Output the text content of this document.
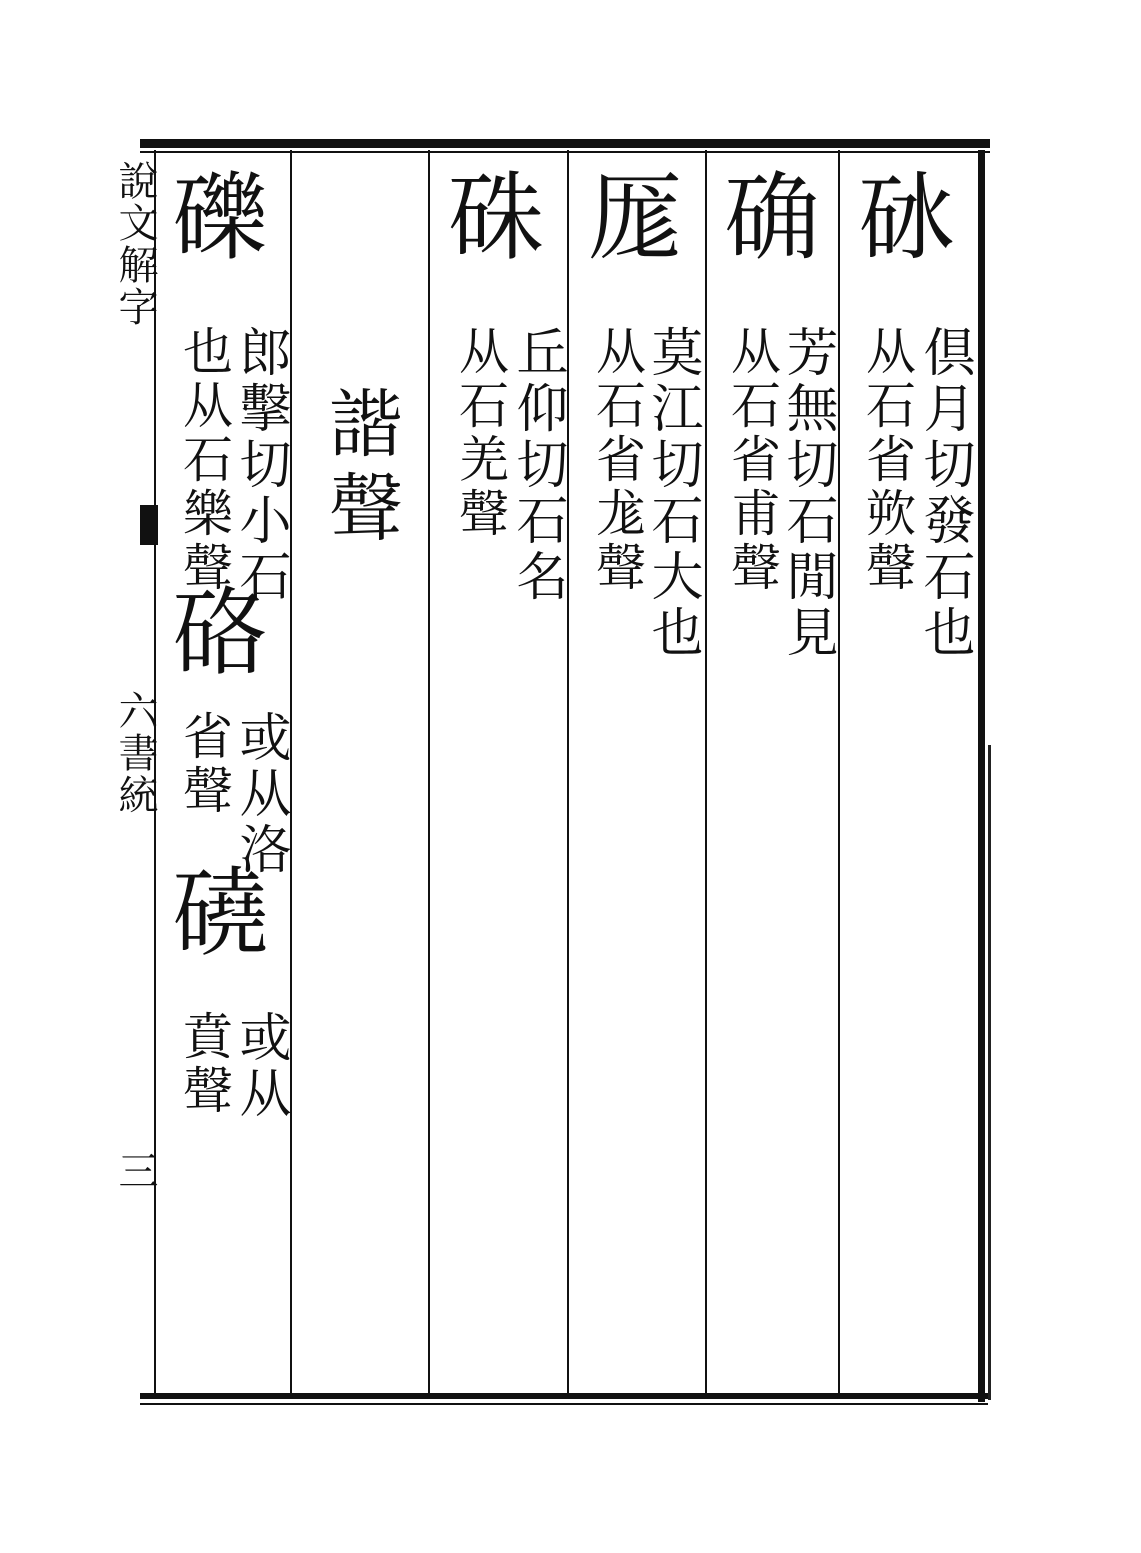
說文解字
六書統
三
砅
倶月切發石也
从石省欮聲
确
芳無切石閒見
从石省甫聲
厖
莫江切石大也
从石省尨聲
硃
丘仰切石名
从石羌聲
諧聲
礫
郎擊切小石
也从石樂聲
硌
或从洛
省聲
磽
或从
賁聲
